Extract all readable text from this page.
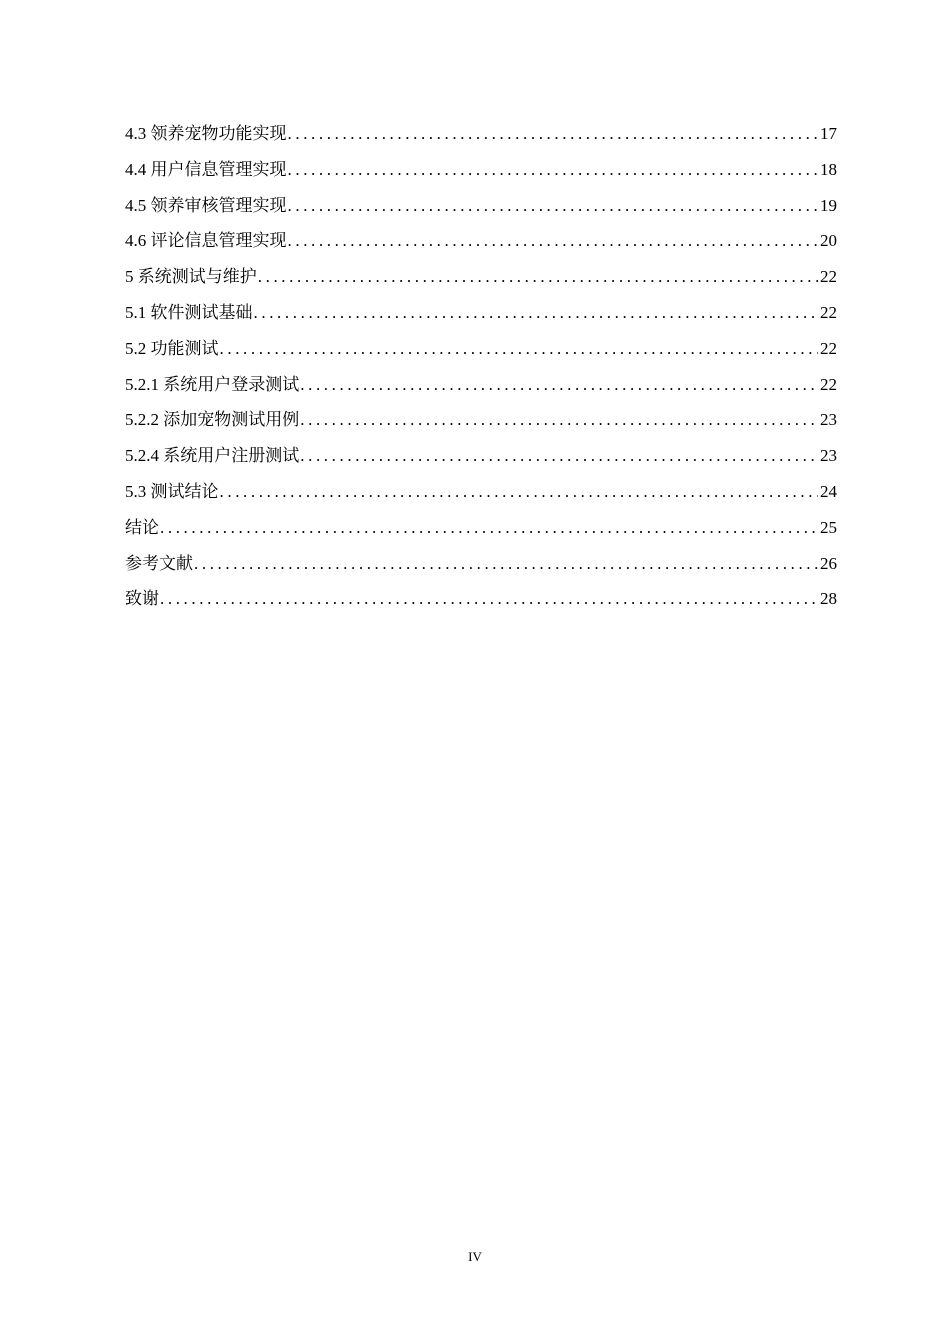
4.3 领养宠物功能实现 .....	17
4.4 用户信息管理实现 .....	18
4.5 领养审核管理实现 .....	19
4.6 评论信息管理实现 .....	20
5 系统测试与维护 .....	22
5.1 软件测试基础 .....	22
5.2 功能测试 .....	22
5.2.1 系统用户登录测试 .....	22
5.2.2 添加宠物测试用例 .....	23
5.2.4 系统用户注册测试 .....	23
5.3 测试结论 .....	24
结论 .....	25
参考文献 .....	26
致谢 .....	28
IV
